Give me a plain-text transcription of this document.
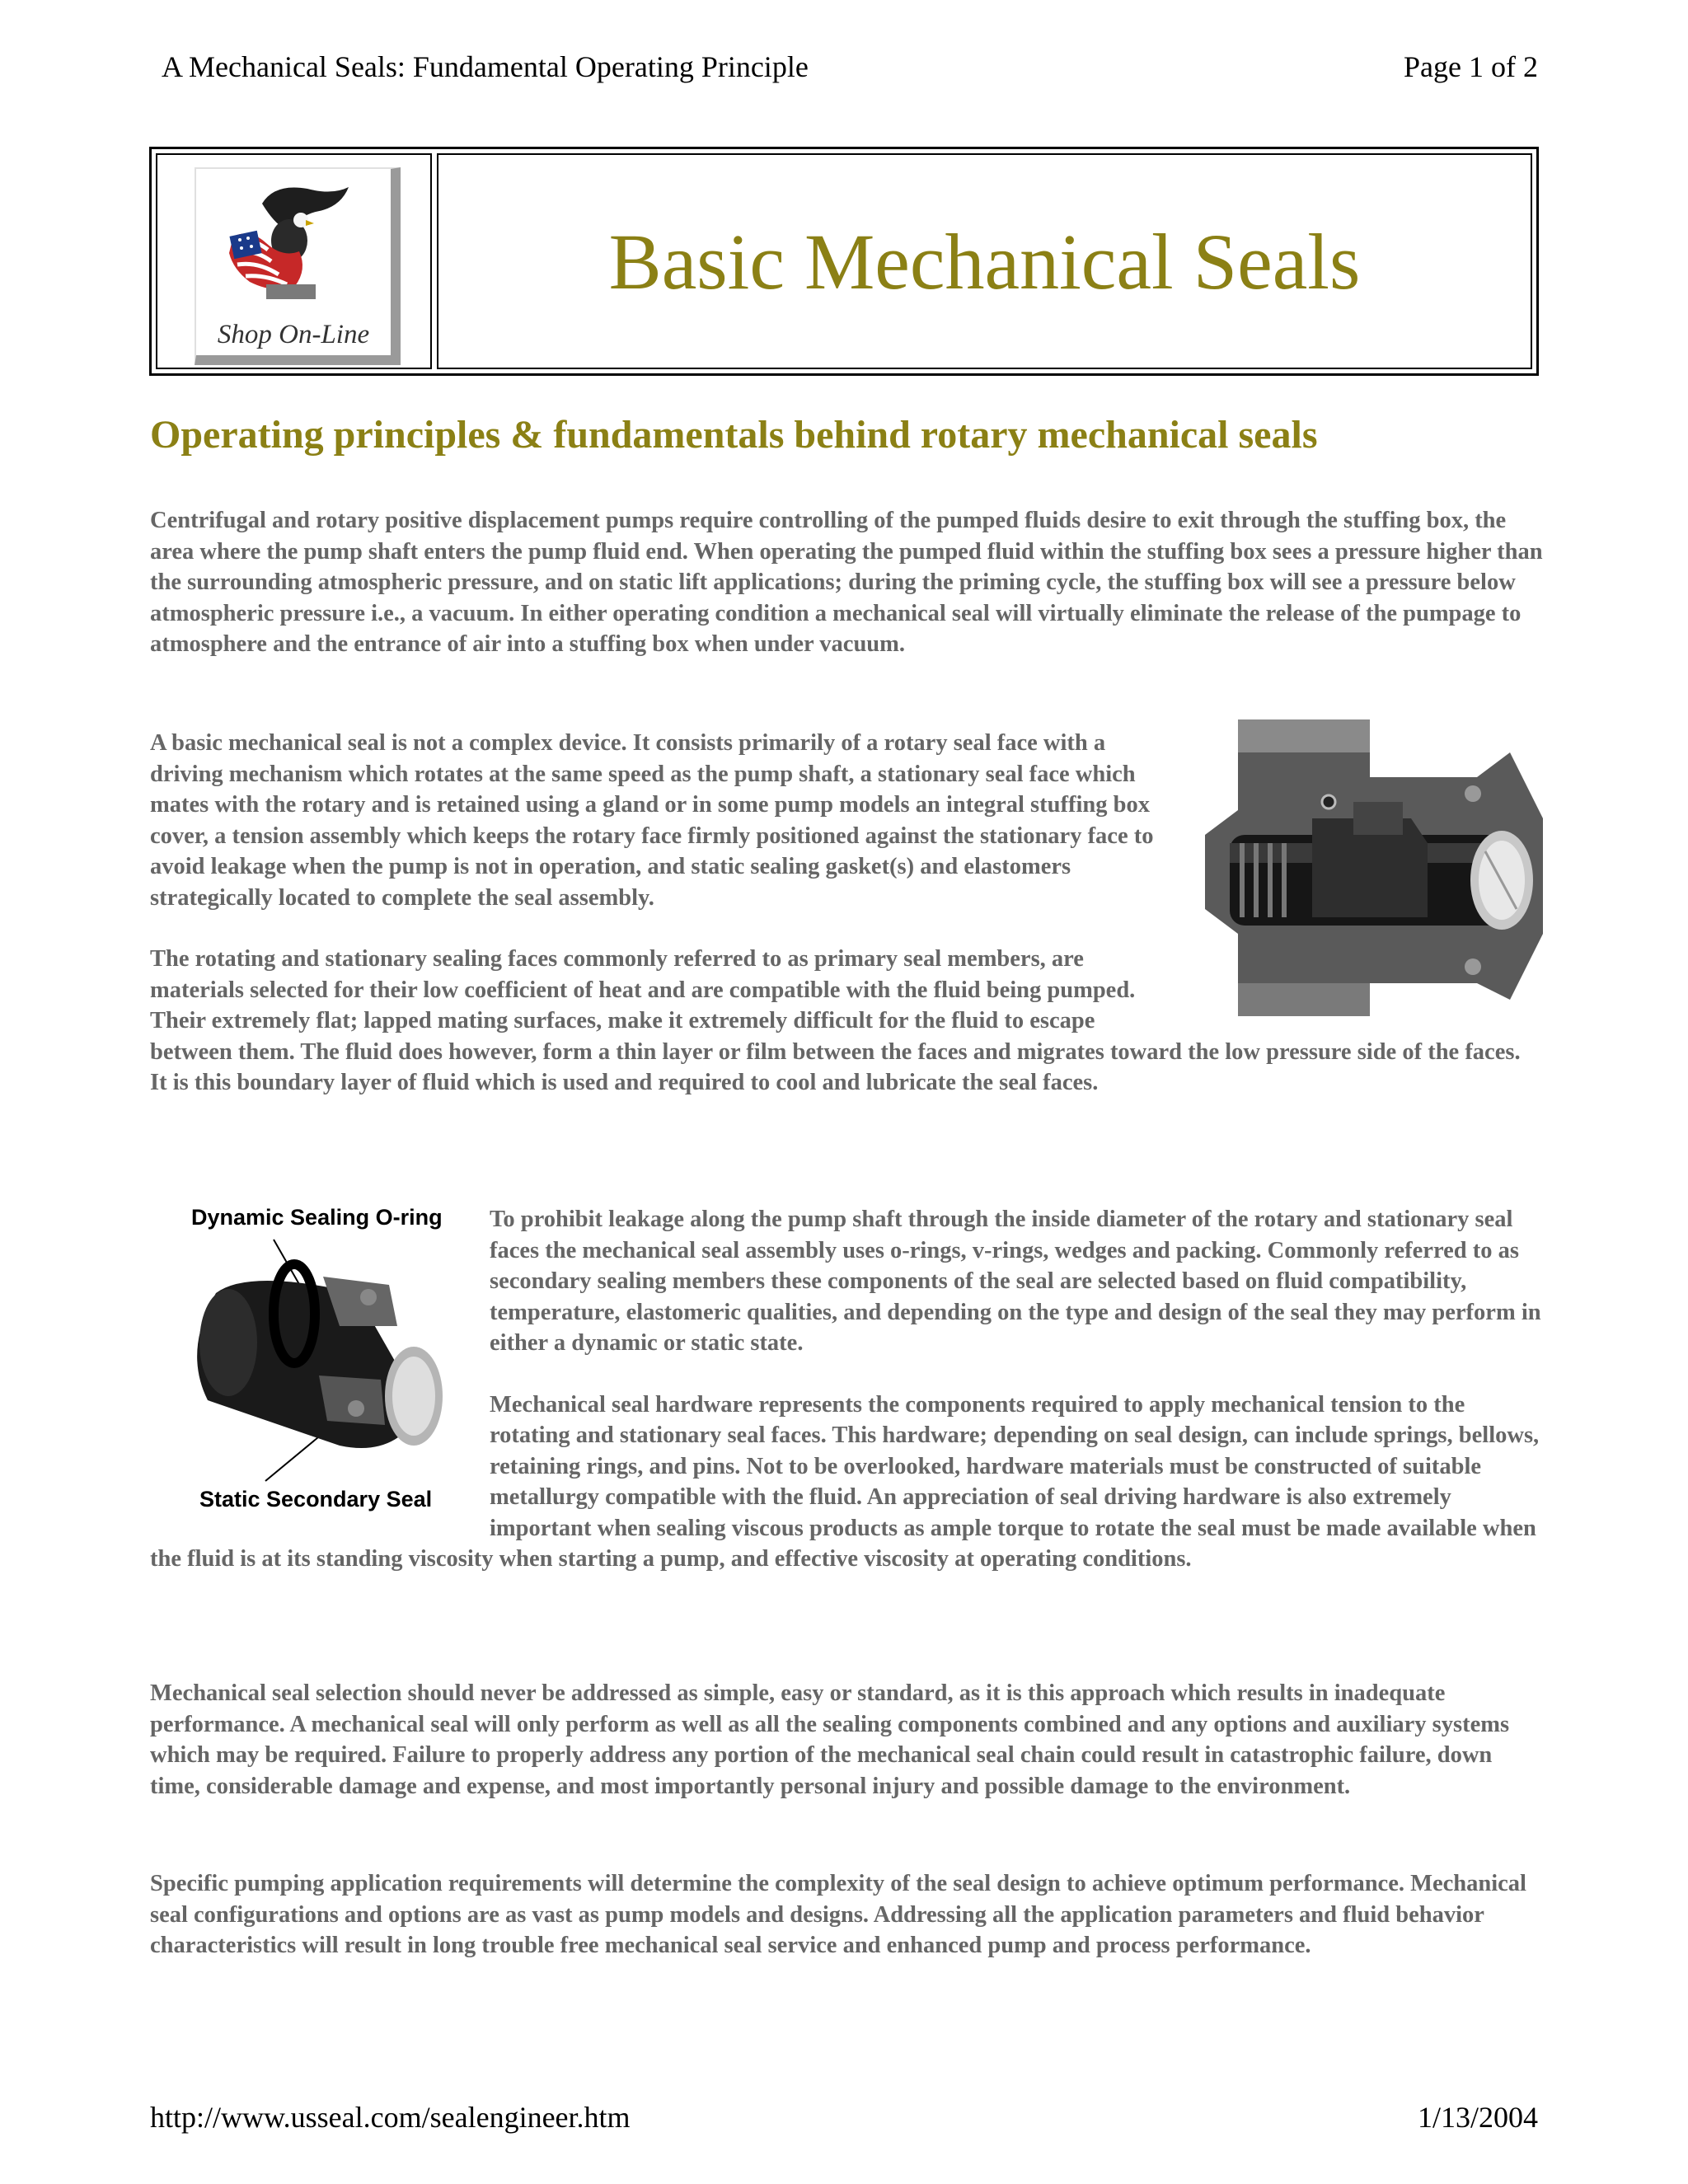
A Mechanical Seals: Fundamental Operating Principle	Page 1 of 2
Shop On-Line
Basic Mechanical Seals
Operating principles & fundamentals behind rotary mechanical seals
Centrifugal and rotary positive displacement pumps require controlling of the pumped fluids desire to exit through the stuffing box, the area where the pump shaft enters the pump fluid end. When operating the pumped fluid within the stuffing box sees a pressure higher than the surrounding atmospheric pressure, and on static lift applications; during the priming cycle, the stuffing box will see a pressure below atmospheric pressure i.e., a vacuum. In either operating condition a mechanical seal will virtually eliminate the release of the pumpage to atmosphere and the entrance of air into a stuffing box when under vacuum.
A basic mechanical seal is not a complex device. It consists primarily of a rotary seal face with a driving mechanism which rotates at the same speed as the pump shaft, a stationary seal face which mates with the rotary and is retained using a gland or in some pump models an integral stuffing box cover, a tension assembly which keeps the rotary face firmly positioned against the stationary face to avoid leakage when the pump is not in operation, and static sealing gasket(s) and elastomers strategically located to complete the seal assembly.
The rotating and stationary sealing faces commonly referred to as primary seal members, are materials selected for their low coefficient of heat and are compatible with the fluid being pumped. Their extremely flat; lapped mating surfaces, make it extremely difficult for the fluid to escape between them. The fluid does however, form a thin layer or film between the faces and migrates toward the low pressure side of the faces. It is this boundary layer of fluid which is used and required to cool and lubricate the seal faces.
Dynamic Sealing O-ring
Static Secondary Seal
To prohibit leakage along the pump shaft through the inside diameter of the rotary and stationary seal faces the mechanical seal assembly uses o-rings, v-rings, wedges and packing. Commonly referred to as secondary sealing members these components of the seal are selected based on fluid compatibility, temperature, elastomeric qualities, and depending on the type and design of the seal they may perform in either a dynamic or static state.
Mechanical seal hardware represents the components required to apply mechanical tension to the rotating and stationary seal faces. This hardware; depending on seal design, can include springs, bellows, retaining rings, and pins. Not to be overlooked, hardware materials must be constructed of suitable metallurgy compatible with the fluid. An appreciation of seal driving hardware is also extremely important when sealing viscous products as ample torque to rotate the seal must be made available when the fluid is at its standing viscosity when starting a pump, and effective viscosity at operating conditions.
Mechanical seal selection should never be addressed as simple, easy or standard, as it is this approach which results in inadequate performance. A mechanical seal will only perform as well as all the sealing components combined and any options and auxiliary systems which may be required. Failure to properly address any portion of the mechanical seal chain could result in catastrophic failure, down time, considerable damage and expense, and most importantly personal injury and possible damage to the environment.
Specific pumping application requirements will determine the complexity of the seal design to achieve optimum performance. Mechanical seal configurations and options are as vast as pump models and designs. Addressing all the application parameters and fluid behavior characteristics will result in long trouble free mechanical seal service and enhanced pump and process performance.
http://www.usseal.com/sealengineer.htm	1/13/2004
